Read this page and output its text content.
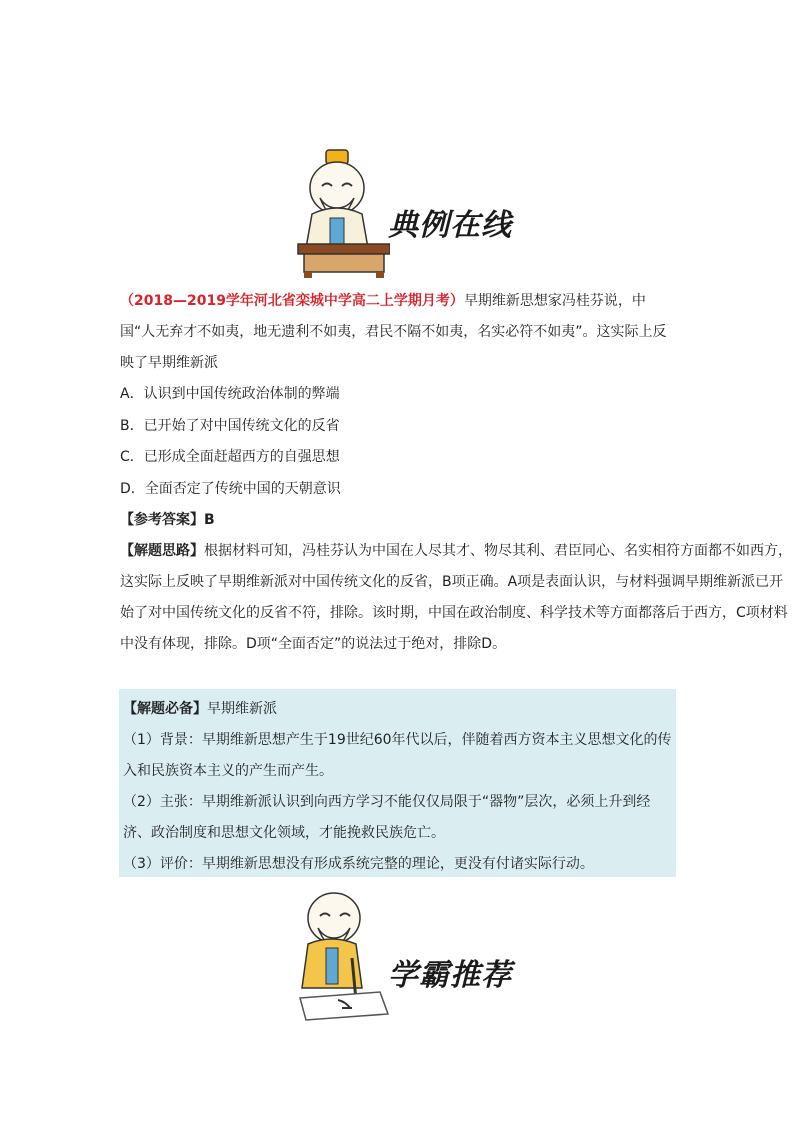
典例在线

（2018—2019学年河北省栾城中学高二上学期月考）早期维新思想家冯桂芬说，中国“人无弃才不如夷，地无遗利不如夷，君民不隔不如夷，名实必符不如夷”。这实际上反映了早期维新派

A．认识到中国传统政治体制的弊端
B．已开始了对中国传统文化的反省
C．已形成全面赶超西方的自强思想
D．全面否定了传统中国的天朝意识
【参考答案】B
【解题思路】根据材料可知，冯桂芬认为中国在人尽其才、物尽其利、君臣同心、名实相符方面都不如西方，这实际上反映了早期维新派对中国传统文化的反省，B项正确。A项是表面认识，与材料强调早期维新派已开始了对中国传统文化的反省不符，排除。该时期，中国在政治制度、科学技术等方面都落后于西方，C项材料中没有体现，排除。D项“全面否定”的说法过于绝对，排除D。

【解题必备】早期维新派

（1）背景：早期维新思想产生于19世纪60年代以后，伴随着西方资本主义思想文化的传入和民族资本主义的产生而产生。

（2）主张：早期维新派认识到向西方学习不能仅仅局限于“器物”层次，必须上升到经济、政治制度和思想文化领域，才能挽救民族危亡。

（3）评价：早期维新思想没有形成系统完整的理论，更没有付诸实际行动。

学霸推荐
